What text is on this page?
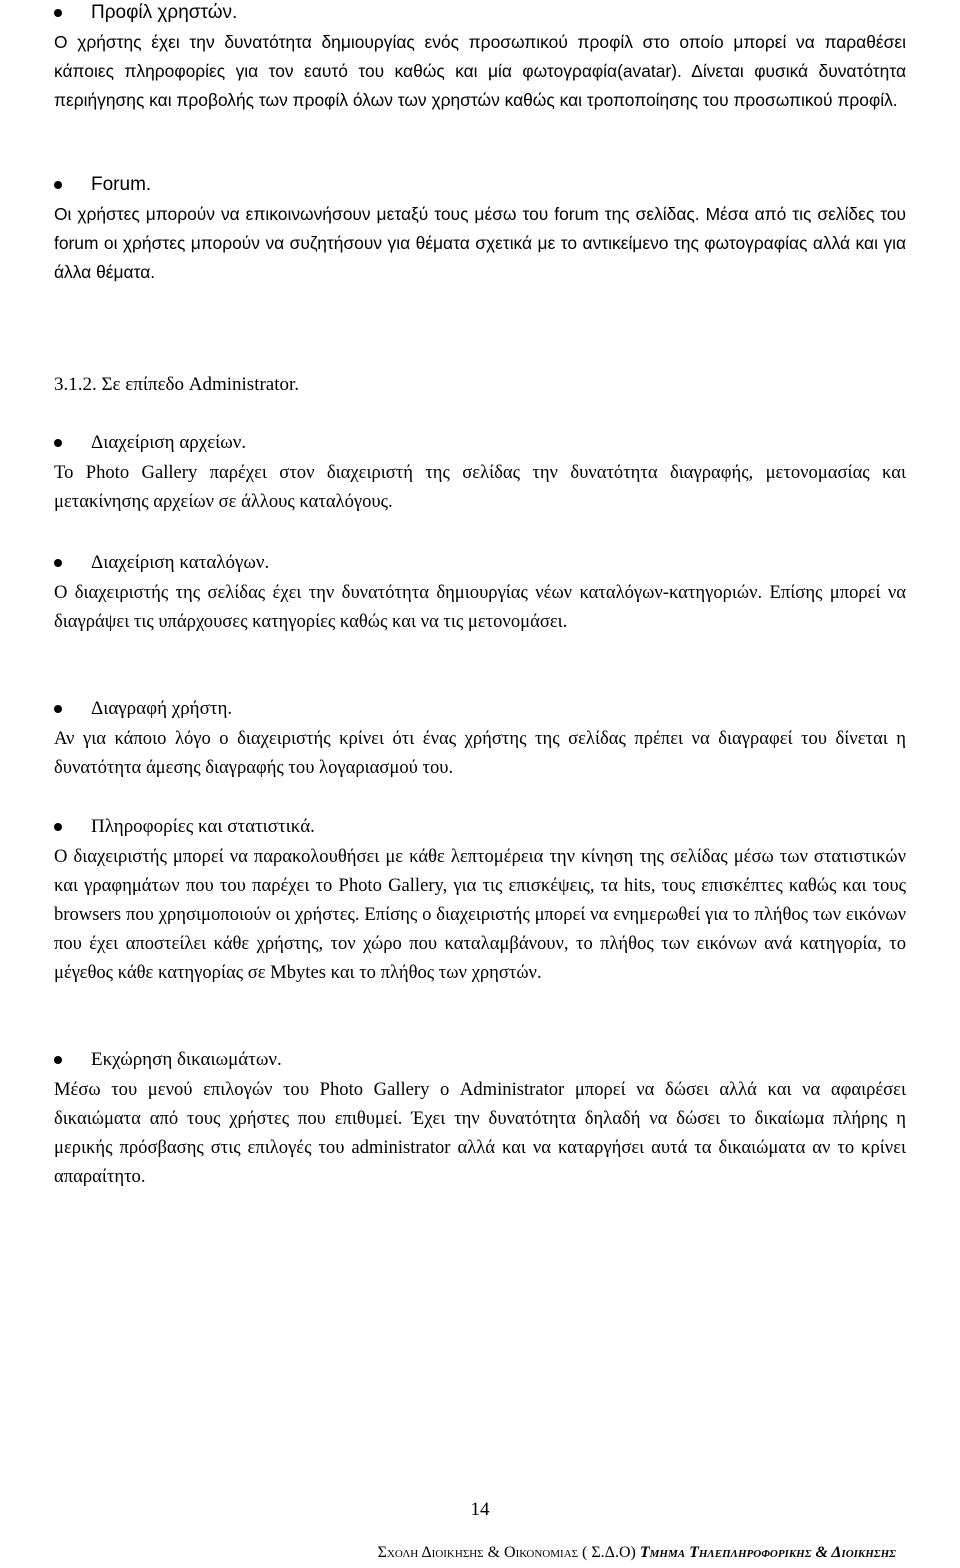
Προφίλ χρηστών.

Ο χρήστης έχει την δυνατότητα δημιουργίας ενός προσωπικού προφίλ στο οποίο μπορεί να παραθέσει κάποιες πληροφορίες για τον εαυτό του καθώς και μία φωτογραφία(avatar). Δίνεται φυσικά δυνατότητα περιήγησης και προβολής των προφίλ όλων των χρηστών καθώς και τροποποίησης του προσωπικού προφίλ.

Forum.

Οι χρήστες μπορούν να επικοινωνήσουν μεταξύ τους μέσω του forum της σελίδας. Μέσα από τις σελίδες του forum οι χρήστες μπορούν να συζητήσουν για θέματα σχετικά με το αντικείμενο της φωτογραφίας αλλά και για άλλα θέματα.

Διαχείριση αρχείων.

Το Photo Gallery παρέχει στον διαχειριστή της σελίδας την δυνατότητα διαγραφής, μετονομασίας και μετακίνησης αρχείων σε άλλους καταλόγους.

Διαχείριση καταλόγων.

Ο διαχειριστής της σελίδας έχει την δυνατότητα δημιουργίας νέων καταλόγων-κατηγοριών. Επίσης μπορεί να διαγράψει τις υπάρχουσες κατηγορίες καθώς και να τις μετονομάσει.

Διαγραφή χρήστη.

Αν για κάποιο λόγο ο διαχειριστής κρίνει ότι ένας χρήστης της σελίδας πρέπει να διαγραφεί του δίνεται η δυνατότητα άμεσης διαγραφής του λογαριασμού του.

Πληροφορίες και στατιστικά.

Ο διαχειριστής μπορεί να παρακολουθήσει με κάθε λεπτομέρεια την κίνηση της σελίδας μέσω των στατιστικών και γραφημάτων που του παρέχει το Photo Gallery, για τις επισκέψεις, τα hits, τους επισκέπτες καθώς και τους browsers που χρησιμοποιούν οι χρήστες. Επίσης ο διαχειριστής μπορεί να ενημερωθεί για το πλήθος των εικόνων που έχει αποστείλει κάθε χρήστης, τον χώρο που καταλαμβάνουν, το πλήθος των εικόνων ανά κατηγορία, το μέγεθος κάθε κατηγορίας σε Mbytes και το πλήθος των χρηστών.

Εκχώρηση δικαιωμάτων.

Μέσω του μενού επιλογών του Photo Gallery ο Administrator μπορεί να δώσει αλλά και να αφαιρέσει δικαιώματα από τους χρήστες που επιθυμεί. Έχει την δυνατότητα δηλαδή να δώσει το δικαίωμα πλήρης η μερικής πρόσβασης στις επιλογές του administrator αλλά και να καταργήσει αυτά τα δικαιώματα αν το κρίνει απαραίτητο.

3.1.2. Σε επίπεδο Administrator.
14
Σχολη Διοικησης & Οικονομιας ( Σ.Δ.Ο) Τμημα Τηλεπληροφορικης & Διοικησης
